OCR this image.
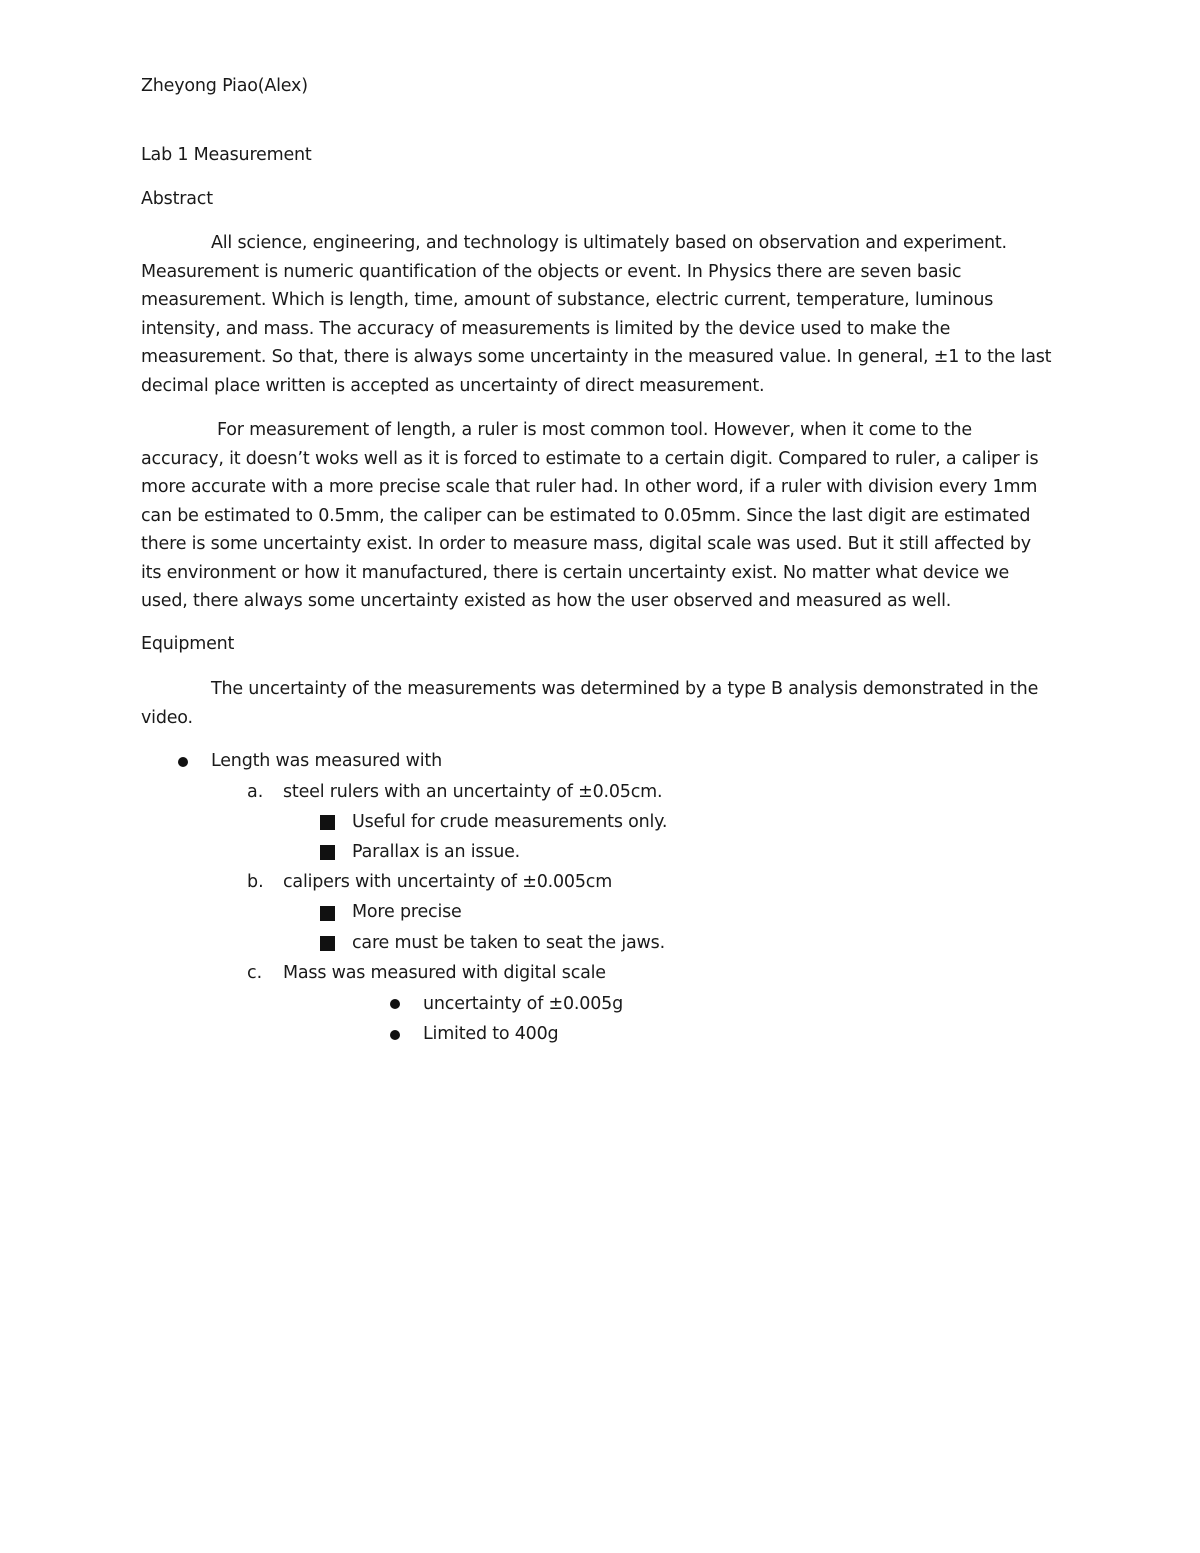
Zheyong Piao(Alex)
Lab 1 Measurement
Abstract

All science, engineering, and technology is ultimately based on observation and experiment.

Measurement is numeric quantification of the objects or event. In Physics there are seven basic

measurement. Which is length, time, amount of substance, electric current, temperature, luminous

intensity, and mass. The accuracy of measurements is limited by the device used to make the

measurement. So that, there is always some uncertainty in the measured value. In general, ±1 to the last

decimal place written is accepted as uncertainty of direct measurement.

For measurement of length, a ruler is most common tool. However, when it come to the

accuracy, it doesn’t woks well as it is forced to estimate to a certain digit. Compared to ruler, a caliper is

more accurate with a more precise scale that ruler had. In other word, if a ruler with division every 1mm

can be estimated to 0.5mm, the caliper can be estimated to 0.05mm. Since the last digit are estimated

there is some uncertainty exist. In order to measure mass, digital scale was used. But it still affected by

its environment or how it manufactured, there is certain uncertainty exist. No matter what device we

used, there always some uncertainty existed as how the user observed and measured as well.

Equipment

The uncertainty of the measurements was determined by a type B analysis demonstrated in the

video.

Length was measured with
a. steel rulers with an uncertainty of ±0.05cm.
Useful for crude measurements only.
Parallax is an issue.
b. calipers with uncertainty of ±0.005cm
More precise
care must be taken to seat the jaws.
c. Mass was measured with digital scale
uncertainty of ±0.005g
Limited to 400g
